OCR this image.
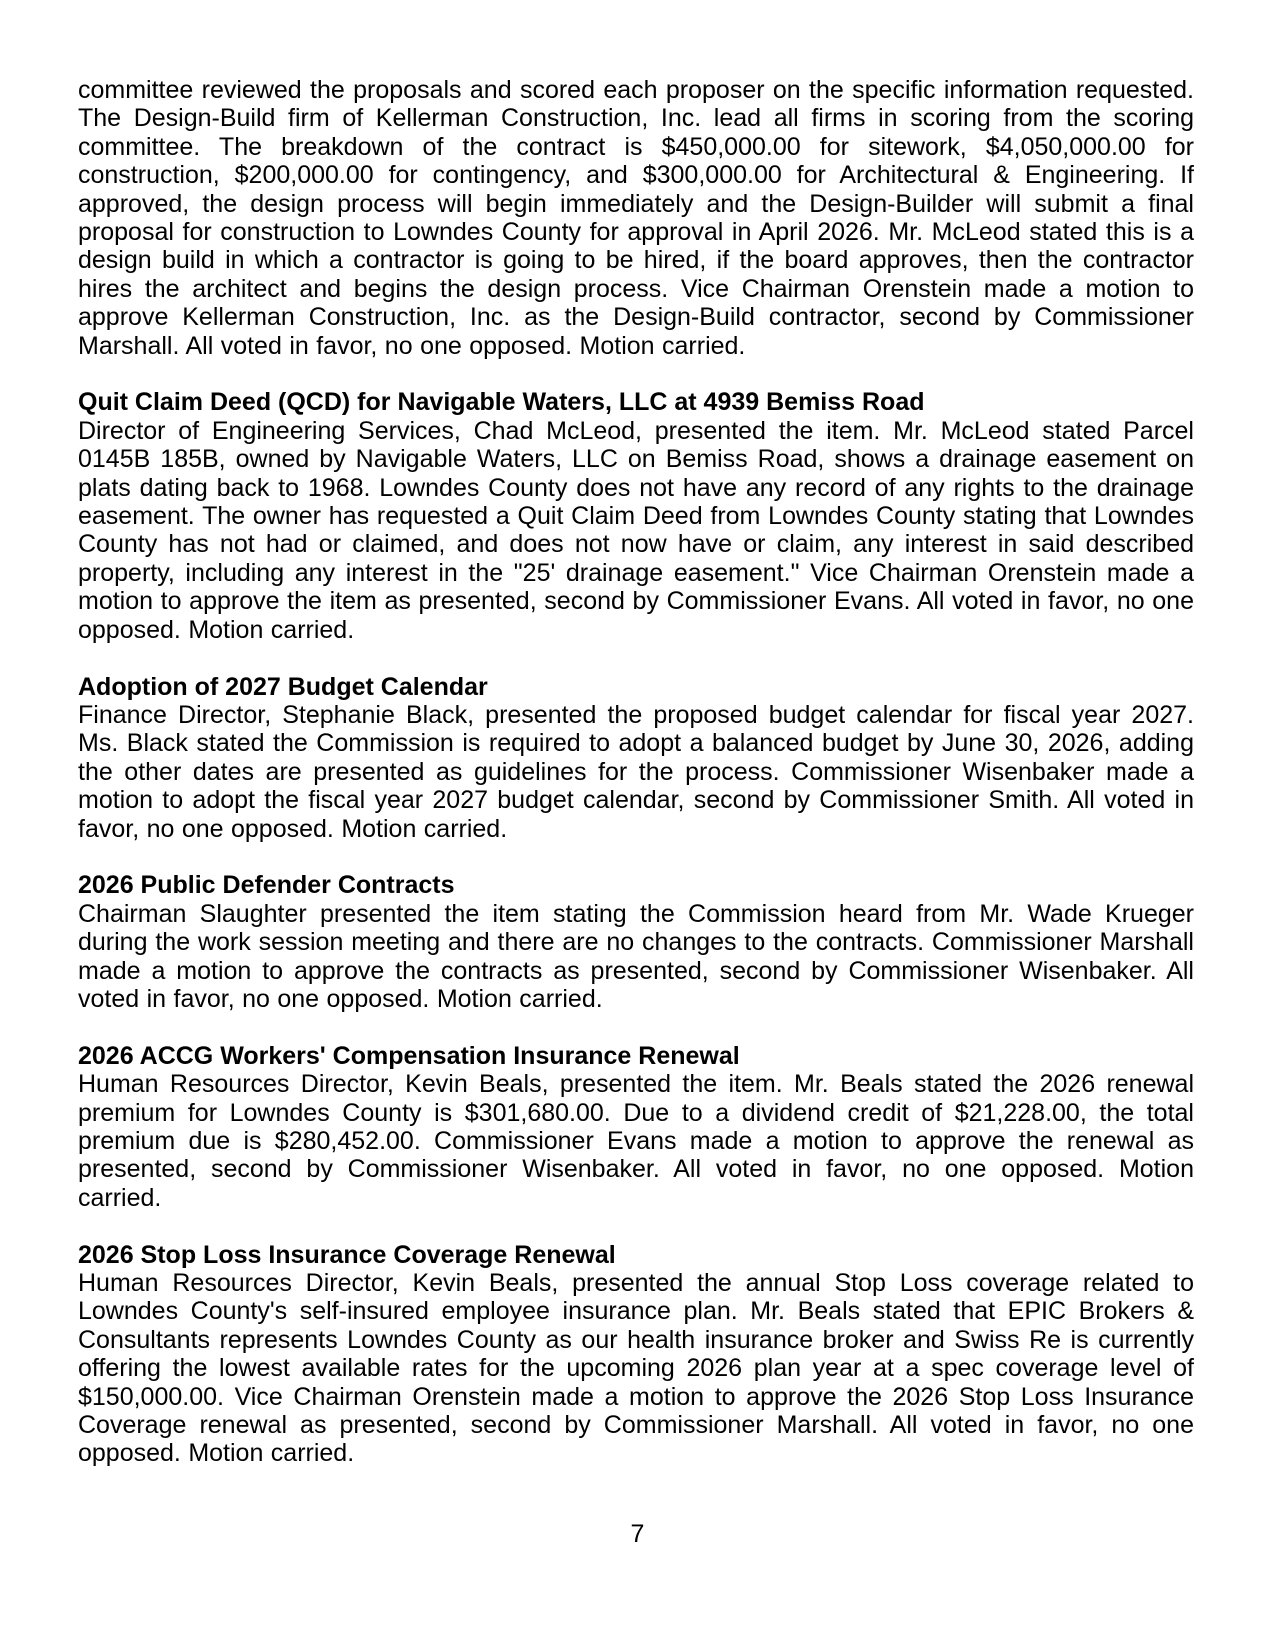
committee reviewed the proposals and scored each proposer on the specific information requested. The Design-Build firm of Kellerman Construction, Inc. lead all firms in scoring from the scoring committee. The breakdown of the contract is $450,000.00 for sitework, $4,050,000.00 for construction, $200,000.00 for contingency, and $300,000.00 for Architectural & Engineering. If approved, the design process will begin immediately and the Design-Builder will submit a final proposal for construction to Lowndes County for approval in April 2026. Mr. McLeod stated this is a design build in which a contractor is going to be hired, if the board approves, then the contractor hires the architect and begins the design process. Vice Chairman Orenstein made a motion to approve Kellerman Construction, Inc. as the Design-Build contractor, second by Commissioner Marshall. All voted in favor, no one opposed. Motion carried.

Quit Claim Deed (QCD) for Navigable Waters, LLC at 4939 Bemiss Road

Director of Engineering Services, Chad McLeod, presented the item. Mr. McLeod stated Parcel 0145B 185B, owned by Navigable Waters, LLC on Bemiss Road, shows a drainage easement on plats dating back to 1968. Lowndes County does not have any record of any rights to the drainage easement. The owner has requested a Quit Claim Deed from Lowndes County stating that Lowndes County has not had or claimed, and does not now have or claim, any interest in said described property, including any interest in the "25' drainage easement." Vice Chairman Orenstein made a motion to approve the item as presented, second by Commissioner Evans. All voted in favor, no one opposed. Motion carried.

Adoption of 2027 Budget Calendar

Finance Director, Stephanie Black, presented the proposed budget calendar for fiscal year 2027. Ms. Black stated the Commission is required to adopt a balanced budget by June 30, 2026, adding the other dates are presented as guidelines for the process. Commissioner Wisenbaker made a motion to adopt the fiscal year 2027 budget calendar, second by Commissioner Smith. All voted in favor, no one opposed. Motion carried.

2026 Public Defender Contracts

Chairman Slaughter presented the item stating the Commission heard from Mr. Wade Krueger during the work session meeting and there are no changes to the contracts. Commissioner Marshall made a motion to approve the contracts as presented, second by Commissioner Wisenbaker. All voted in favor, no one opposed. Motion carried.

2026 ACCG Workers' Compensation Insurance Renewal

Human Resources Director, Kevin Beals, presented the item. Mr. Beals stated the 2026 renewal premium for Lowndes County is $301,680.00. Due to a dividend credit of $21,228.00, the total premium due is $280,452.00. Commissioner Evans made a motion to approve the renewal as presented, second by Commissioner Wisenbaker. All voted in favor, no one opposed. Motion carried.

2026 Stop Loss Insurance Coverage Renewal

Human Resources Director, Kevin Beals, presented the annual Stop Loss coverage related to Lowndes County's self-insured employee insurance plan. Mr. Beals stated that EPIC Brokers & Consultants represents Lowndes County as our health insurance broker and Swiss Re is currently offering the lowest available rates for the upcoming 2026 plan year at a spec coverage level of $150,000.00. Vice Chairman Orenstein made a motion to approve the 2026 Stop Loss Insurance Coverage renewal as presented, second by Commissioner Marshall. All voted in favor, no one opposed. Motion carried.

7
